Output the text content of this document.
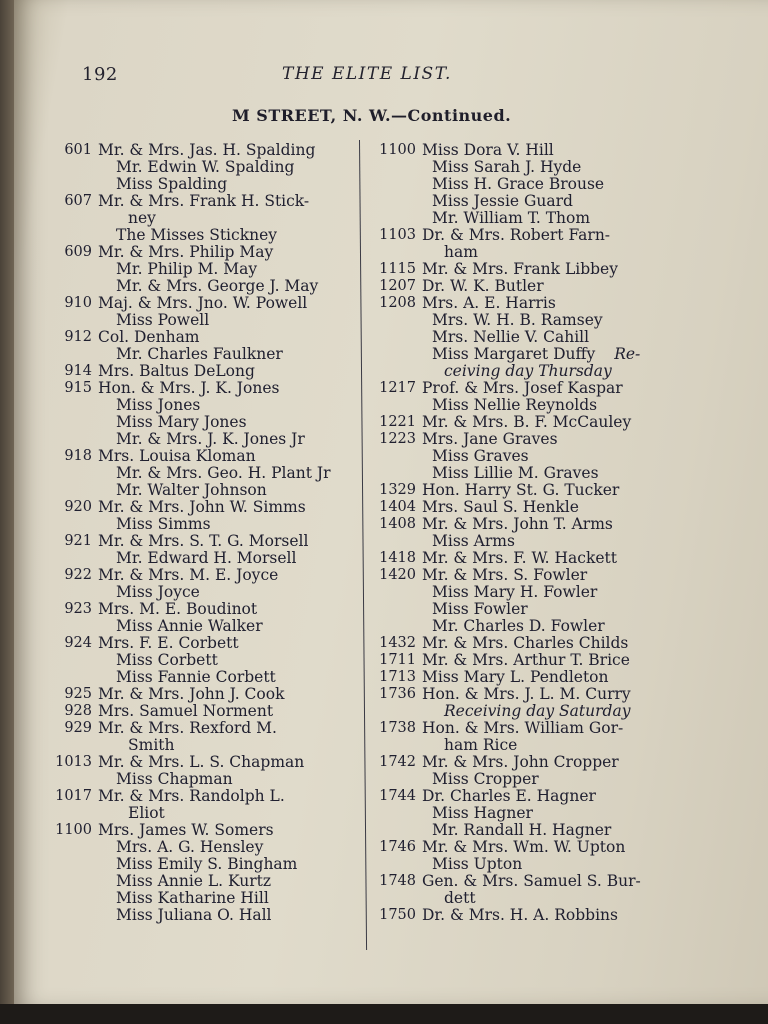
192	THE ELITE LIST.
M STREET, N. W.—Continued.
601 Mr. & Mrs. Jas. H. Spalding
Mr. Edwin W. Spalding
Miss Spalding
607 Mr. & Mrs. Frank H. Stick-
ney
The Misses Stickney
609 Mr. & Mrs. Philip May
Mr. Philip M. May
Mr. & Mrs. George J. May
910 Maj. & Mrs. Jno. W. Powell
Miss Powell
912 Col. Denham
Mr. Charles Faulkner
914 Mrs. Baltus DeLong
915 Hon. & Mrs. J. K. Jones
Miss Jones
Miss Mary Jones
Mr. & Mrs. J. K. Jones Jr
918 Mrs. Louisa Kloman
Mr. & Mrs. Geo. H. Plant Jr
Mr. Walter Johnson
920 Mr. & Mrs. John W. Simms
Miss Simms
921 Mr. & Mrs. S. T. G. Morsell
Mr. Edward H. Morsell
922 Mr. & Mrs. M. E. Joyce
Miss Joyce
923 Mrs. M. E. Boudinot
Miss Annie Walker
924 Mrs. F. E. Corbett
Miss Corbett
Miss Fannie Corbett
925 Mr. & Mrs. John J. Cook
928 Mrs. Samuel Norment
929 Mr. & Mrs. Rexford M.
Smith
1013 Mr. & Mrs. L. S. Chapman
Miss Chapman
1017 Mr. & Mrs. Randolph L.
Eliot
1100 Mrs. James W. Somers
Mrs. A. G. Hensley
Miss Emily S. Bingham
Miss Annie L. Kurtz
Miss Katharine Hill
Miss Juliana O. Hall
1100 Miss Dora V. Hill
Miss Sarah J. Hyde
Miss H. Grace Brouse
Miss Jessie Guard
Mr. William T. Thom
1103 Dr. & Mrs. Robert Farn-
ham
1115 Mr. & Mrs. Frank Libbey
1207 Dr. W. K. Butler
1208 Mrs. A. E. Harris
Mrs. W. H. B. Ramsey
Mrs. Nellie V. Cahill
Miss Margaret Duffy Re-
ceiving day Thursday
1217 Prof. & Mrs. Josef Kaspar
Miss Nellie Reynolds
1221 Mr. & Mrs. B. F. McCauley
1223 Mrs. Jane Graves
Miss Graves
Miss Lillie M. Graves
1329 Hon. Harry St. G. Tucker
1404 Mrs. Saul S. Henkle
1408 Mr. & Mrs. John T. Arms
Miss Arms
1418 Mr. & Mrs. F. W. Hackett
1420 Mr. & Mrs. S. Fowler
Miss Mary H. Fowler
Miss Fowler
Mr. Charles D. Fowler
1432 Mr. & Mrs. Charles Childs
1711 Mr. & Mrs. Arthur T. Brice
1713 Miss Mary L. Pendleton
1736 Hon. & Mrs. J. L. M. Curry
Receiving day Saturday
1738 Hon. & Mrs. William Gor-
ham Rice
1742 Mr. & Mrs. John Cropper
Miss Cropper
1744 Dr. Charles E. Hagner
Miss Hagner
Mr. Randall H. Hagner
1746 Mr. & Mrs. Wm. W. Upton
Miss Upton
1748 Gen. & Mrs. Samuel S. Bur-
dett
1750 Dr. & Mrs. H. A. Robbins
